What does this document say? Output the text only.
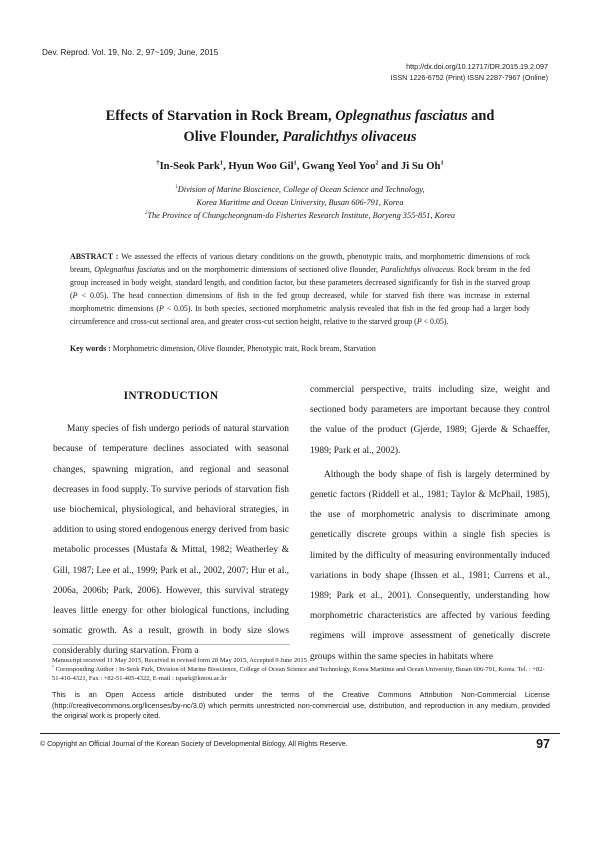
Dev. Reprod. Vol. 19, No. 2, 97~109, June, 2015
http://dx.doi.org/10.12717/DR.2015.19.2.097
ISSN 1226-6752 (Print) ISSN 2287-7967 (Online)
Effects of Starvation in Rock Bream, Oplegnathus fasciatus and
Olive Flounder, Paralichthys olivaceus
†In-Seok Park$^1$, Hyun Woo Gil$^1$, Gwang Yeol Yoo$^2$ and Ji Su Oh$^1$
$^1$Division of Marine Bioscience, College of Ocean Science and Technology,
Korea Maritime and Ocean University, Busan 606-791, Korea
$^2$The Province of Chungcheongnam-do Fisheries Research Institute, Boryeng 355-851, Korea
ABSTRACT : We assessed the effects of various dietary conditions on the growth, phenotypic traits, and morphometric dimensions of rock bream, Oplegnathus fasciatus and on the morphometric dimensions of sectioned olive flounder, Paralichthys olivaceus. Rock bream in the fed group increased in body weight, standard length, and condition factor, but these parameters decreased significantly for fish in the starved group (P < 0.05). The head connection dimensions of fish in the fed group decreased, while for starved fish there was increase in external morphometric dimensions (P < 0.05). In both species, sectioned morphometric analysis revealed that fish in the fed group had a larger body circumference and cross-cut sectional area, and greater cross-cut section height, relative to the starved group (P < 0.05).
Key words : Morphometric dimension, Olive flounder, Phenotypic trait, Rock bream, Starvation
INTRODUCTION

Many species of fish undergo periods of natural starvation because of temperature declines associated with seasonal changes, spawning migration, and regional and seasonal decreases in food supply. To survive periods of starvation fish use biochemical, physiological, and behavioral strategies, in addition to using stored endogenous energy derived from basic metabolic processes (Mustafa & Mittal, 1982; Weatherley & Gill, 1987; Lee et al., 1999; Park et al., 2002, 2007; Hur et al., 2006a, 2006b; Park, 2006). However, this survival strategy leaves little energy for other biological functions, including somatic growth. As a result, growth in body size slows considerably during starvation. From a

commercial perspective, traits including size, weight and sectioned body parameters are important because they control the value of the product (Gjerde, 1989; Gjerde & Schaeffer, 1989; Park et al., 2002).

Although the body shape of fish is largely determined by genetic factors (Riddell et al., 1981; Taylor & McPhail, 1985), the use of morphometric analysis to discriminate among genetically discrete groups within a single fish species is limited by the difficulty of measuring environmentally induced variations in body shape (Ihssen et al., 1981; Currens et al., 1989; Park et al., 2001). Consequently, understanding how morphometric characteristics are affected by various feeding regimens will improve assessment of genetically discrete groups within the same species in habitats where

Manuscript received 11 May 2015, Received in revised form 28 May 2015, Accepted 9 June 2015
† Corresponding Author : In-Seok Park, Division of Marine Bioscience, College of Ocean Science and Technology, Korea Maritime and Ocean University, Busan 606-791, Korea. Tel. : +82-51-410-4321, Fax : +82-51-405-4322, E-mail : ispark@kmou.ac.kr
This is an Open Access article distributed under the terms of the Creative Commons Attribution Non-Commercial License (http://creativecommons.org/licenses/by-nc/3.0) which permits unrestricted non-commercial use, distribution, and reproduction in any medium, provided the original work is properly cited.
© Copyright an Official Journal of the Korean Society of Developmental Biology. All Rights Reserve.	97
